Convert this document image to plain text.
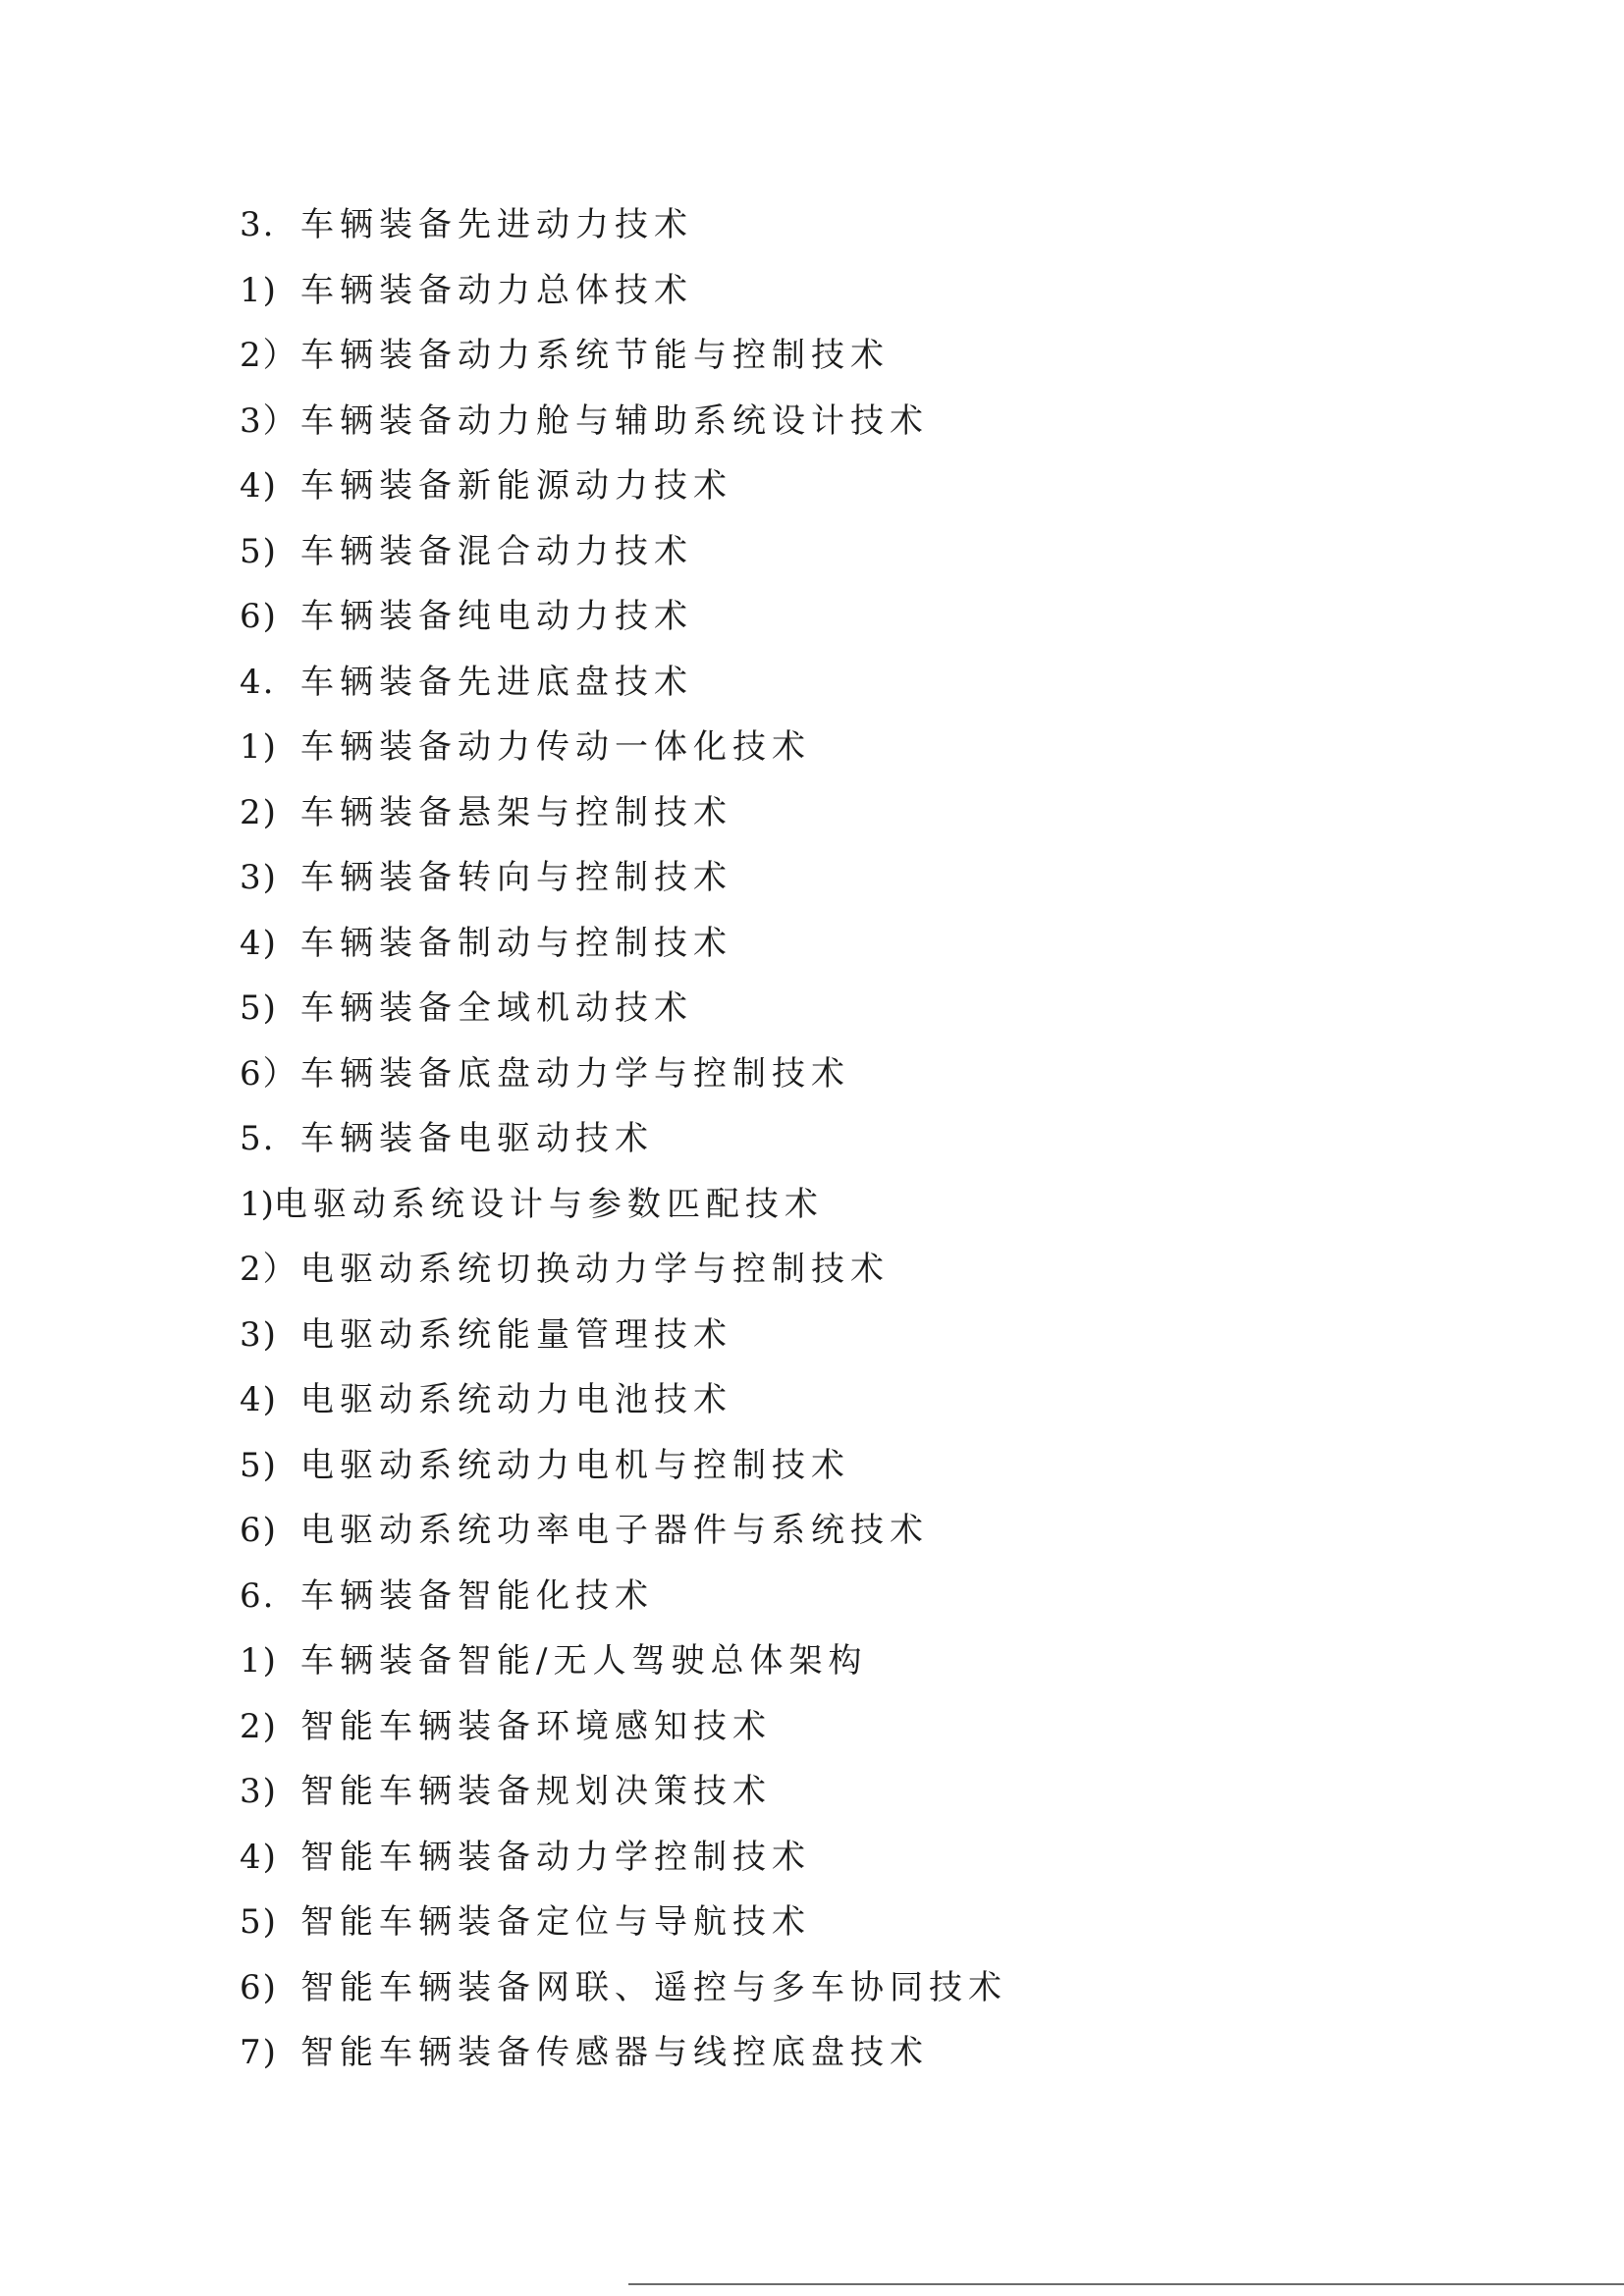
3. 车辆装备先进动力技术
1) 车辆装备动力总体技术
2） 车辆装备动力系统节能与控制技术
3） 车辆装备动力舱与辅助系统设计技术
4) 车辆装备新能源动力技术
5) 车辆装备混合动力技术
6) 车辆装备纯电动力技术
4. 车辆装备先进底盘技术
1) 车辆装备动力传动一体化技术
2) 车辆装备悬架与控制技术
3) 车辆装备转向与控制技术
4) 车辆装备制动与控制技术
5) 车辆装备全域机动技术
6） 车辆装备底盘动力学与控制技术
5. 车辆装备电驱动技术
1) 电驱动系统设计与参数匹配技术
2） 电驱动系统切换动力学与控制技术
3) 电驱动系统能量管理技术
4) 电驱动系统动力电池技术
5) 电驱动系统动力电机与控制技术
6) 电驱动系统功率电子器件与系统技术
6. 车辆装备智能化技术
1) 车辆装备智能/无人驾驶总体架构
2) 智能车辆装备环境感知技术
3) 智能车辆装备规划决策技术
4) 智能车辆装备动力学控制技术
5) 智能车辆装备定位与导航技术
6) 智能车辆装备网联、遥控与多车协同技术
7) 智能车辆装备传感器与线控底盘技术
